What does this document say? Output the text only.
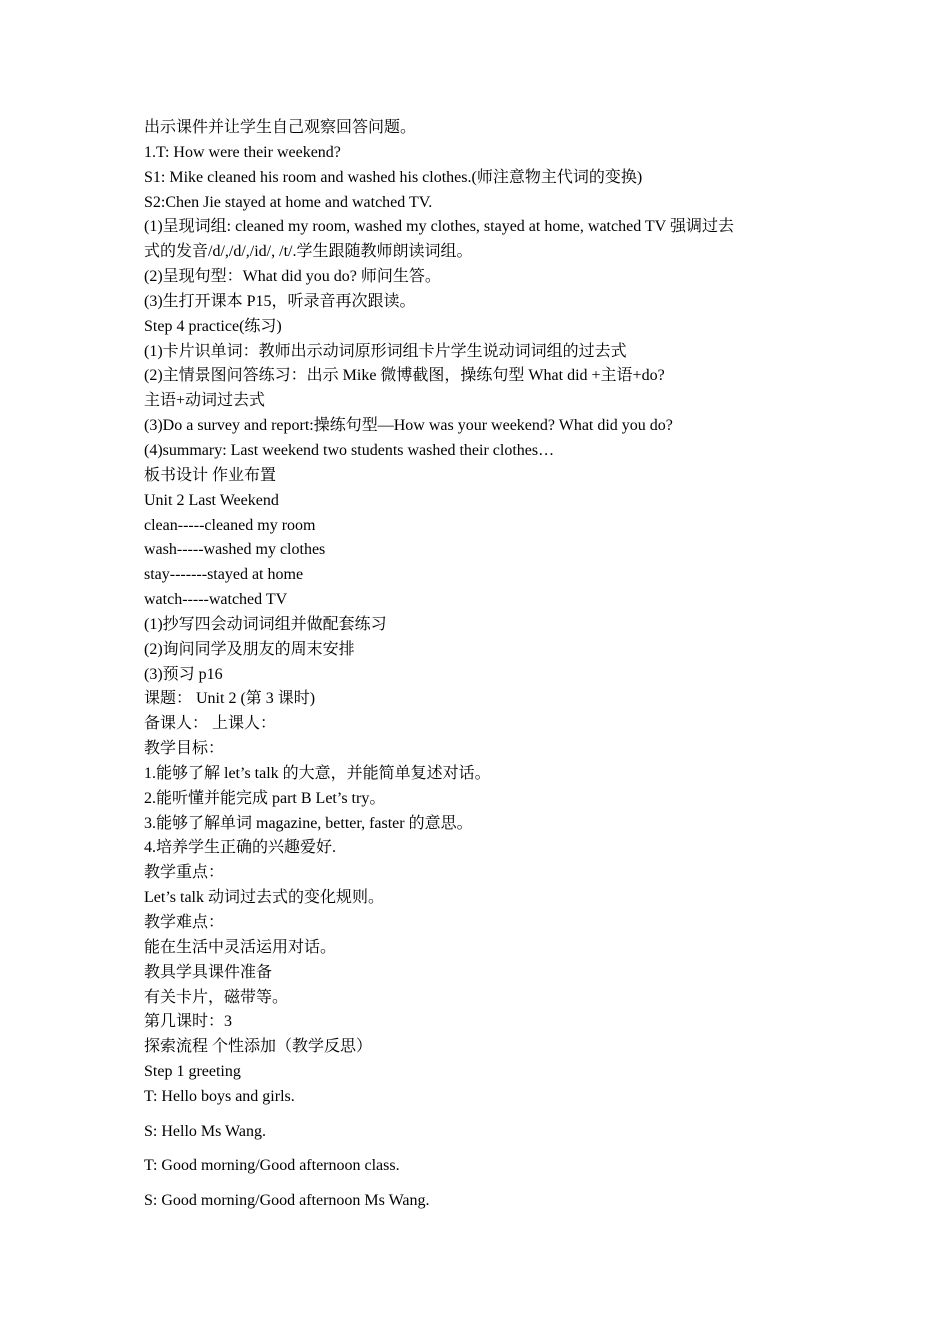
出示课件并让学生自己观察回答问题。
1.T: How were their weekend?
S1: Mike cleaned his room and washed his clothes.(师注意物主代词的变换)
S2:Chen Jie stayed at home and watched TV.
(1)呈现词组: cleaned my room, washed my clothes, stayed at home, watched TV 强调过去
式的发音/d/,/d/,/id/, /t/.学生跟随教师朗读词组。
(2)呈现句型：What did you do? 师问生答。
(3)生打开课本 P15，听录音再次跟读。
Step 4 practice(练习)
(1)卡片识单词：教师出示动词原形词组卡片学生说动词词组的过去式
(2)主情景图问答练习：出示 Mike 微博截图，操练句型 What did +主语+do?
主语+动词过去式
(3)Do a survey and report:操练句型—How was your weekend? What did you do?
(4)summary: Last weekend two students washed their clothes…
板书设计 作业布置
Unit 2 Last Weekend
clean-----cleaned my room
wash-----washed my clothes
stay-------stayed at home
watch-----watched TV
(1)抄写四会动词词组并做配套练习
(2)询问同学及朋友的周末安排
(3)预习 p16
课题： Unit 2 (第 3 课时)
备课人： 上课人：
教学目标：
1.能够了解 let’s talk 的大意，并能简单复述对话。
2.能听懂并能完成 part B Let’s try。
3.能够了解单词 magazine, better, faster 的意思。
4.培养学生正确的兴趣爱好.
教学重点：
Let’s talk 动词过去式的变化规则。
教学难点：
能在生活中灵活运用对话。
教具学具课件准备
有关卡片，磁带等。
第几课时：3
探索流程 个性添加（教学反思）
Step 1 greeting
T: Hello boys and girls.
S: Hello Ms Wang.
T: Good morning/Good afternoon class.
S: Good morning/Good afternoon Ms Wang.
